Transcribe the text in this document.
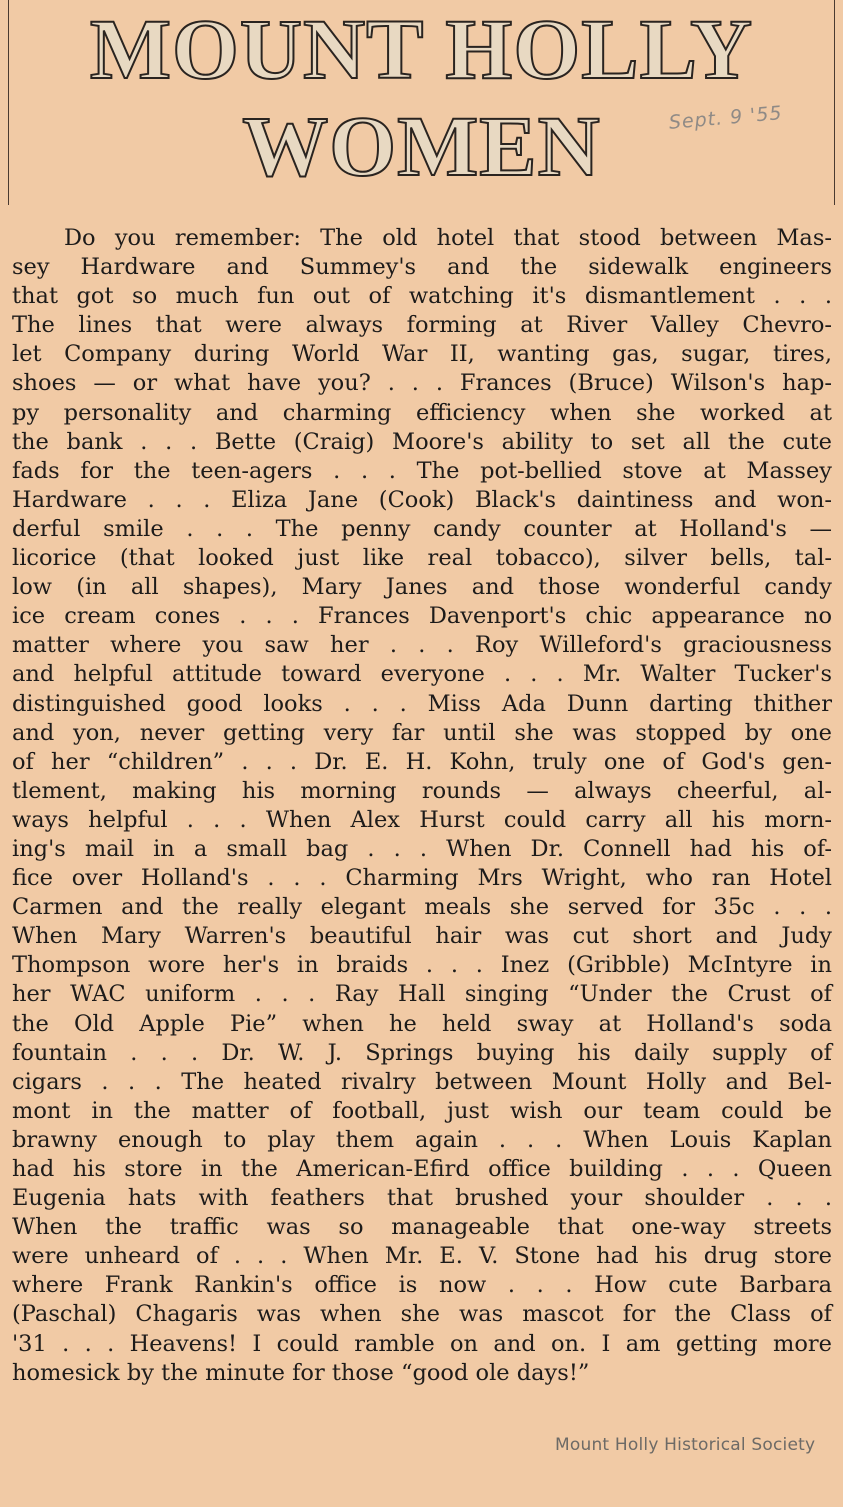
MOUNT HOLLY
WOMEN	Sept. 9 '55
Do you remember: The old hotel that stood between Mas-
sey Hardware and Summey's and the sidewalk engineers
that got so much fun out of watching it's dismantlement . . .
The lines that were always forming at River Valley Chevro-
let Company during World War II, wanting gas, sugar, tires,
shoes — or what have you? . . . Frances (Bruce) Wilson's hap-
py personality and charming efficiency when she worked at
the bank . . . Bette (Craig) Moore's ability to set all the cute
fads for the teen-agers . . . The pot-bellied stove at Massey
Hardware . . . Eliza Jane (Cook) Black's daintiness and won-
derful smile . . . The penny candy counter at Holland's —
licorice (that looked just like real tobacco), silver bells, tal-
low (in all shapes), Mary Janes and those wonderful candy
ice cream cones . . . Frances Davenport's chic appearance no
matter where you saw her . . . Roy Willeford's graciousness
and helpful attitude toward everyone . . . Mr. Walter Tucker's
distinguished good looks . . . Miss Ada Dunn darting thither
and yon, never getting very far until she was stopped by one
of her “children” . . . Dr. E. H. Kohn, truly one of God's gen-
tlement, making his morning rounds — always cheerful, al-
ways helpful . . . When Alex Hurst could carry all his morn-
ing's mail in a small bag . . . When Dr. Connell had his of-
fice over Holland's . . . Charming Mrs Wright, who ran Hotel
Carmen and the really elegant meals she served for 35c . . .
When Mary Warren's beautiful hair was cut short and Judy
Thompson wore her's in braids . . . Inez (Gribble) McIntyre in
her WAC uniform . . . Ray Hall singing “Under the Crust of
the Old Apple Pie” when he held sway at Holland's soda
fountain . . . Dr. W. J. Springs buying his daily supply of
cigars . . . The heated rivalry between Mount Holly and Bel-
mont in the matter of football, just wish our team could be
brawny enough to play them again . . . When Louis Kaplan
had his store in the American-Efird office building . . . Queen
Eugenia hats with feathers that brushed your shoulder . . .
When the traffic was so manageable that one-way streets
were unheard of . . . When Mr. E. V. Stone had his drug store
where Frank Rankin's office is now . . . How cute Barbara
(Paschal) Chagaris was when she was mascot for the Class of
'31 . . . Heavens! I could ramble on and on. I am getting more
homesick by the minute for those “good ole days!”
Mount Holly Historical Society
